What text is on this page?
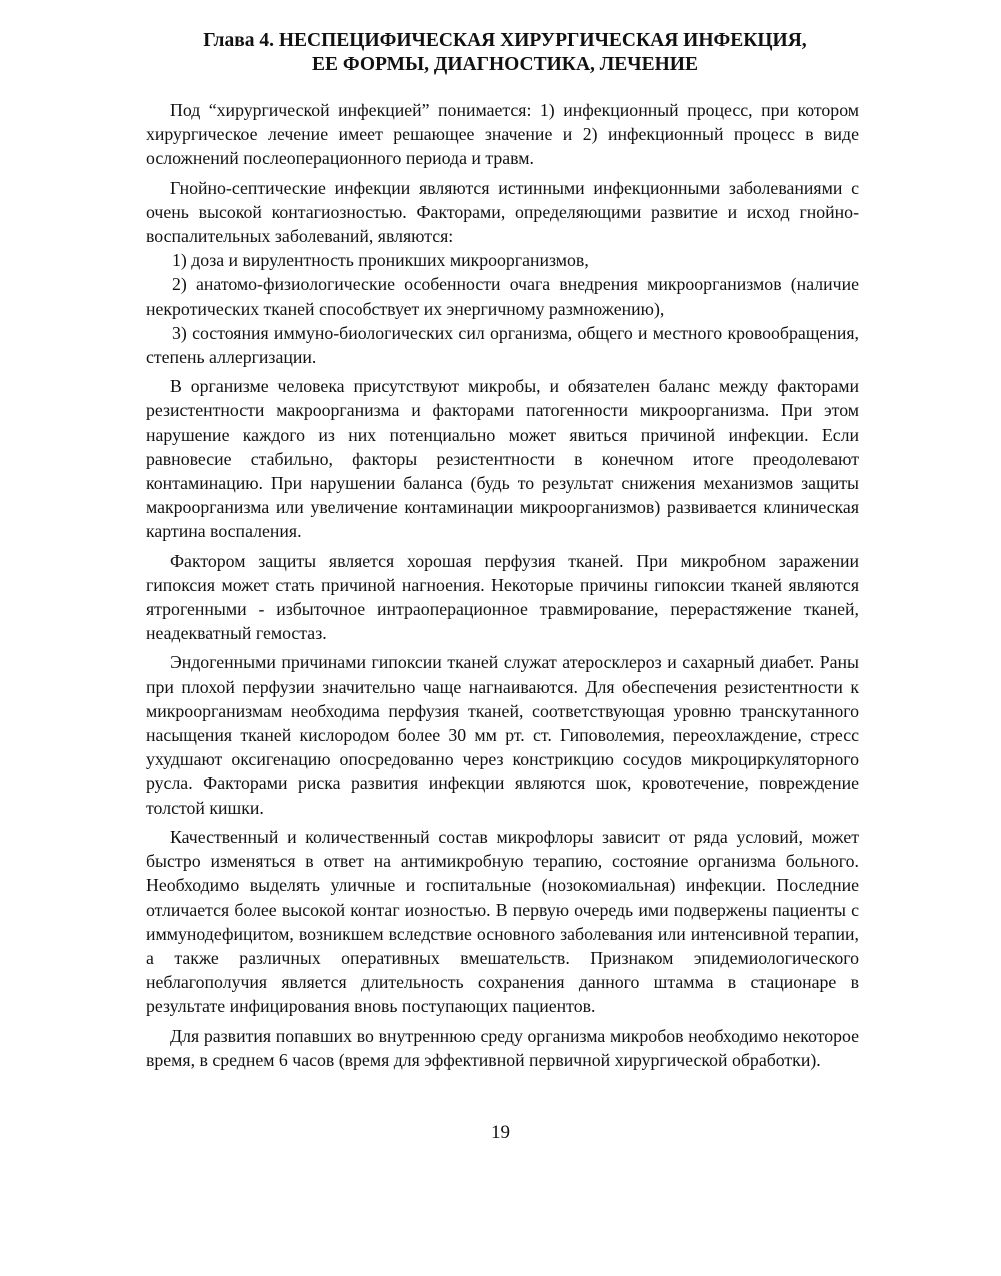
Глава 4. НЕСПЕЦИФИЧЕСКАЯ ХИРУРГИЧЕСКАЯ ИНФЕКЦИЯ,
ЕЕ ФОРМЫ, ДИАГНОСТИКА, ЛЕЧЕНИЕ

Под “хирургической инфекцией” понимается: 1) инфекционный процесс, при котором хирургическое лечение имеет решающее значение и 2) инфекционный процесс в виде осложнений послеоперационного периода и травм.

Гнойно-септические инфекции являются истинными инфекционными заболеваниями с очень высокой контагиозностью. Факторами, определяющими развитие и исход гнойно-воспалительных заболеваний, являются:

1) доза и вирулентность проникших микроорганизмов,

2) анатомо-физиологические особенности очага внедрения микроорганизмов (наличие некротических тканей способствует их энергичному размножению),

3) состояния иммуно-биологических сил организма, общего и местного кровообращения, степень аллергизации.

В организме человека присутствуют микробы, и обязателен баланс между факторами резистентности макроорганизма и факторами патогенности микроорганизма. При этом нарушение каждого из них потенциально может явиться причиной инфекции. Если равновесие стабильно, факторы резистентности в конечном итоге преодолевают контаминацию. При нарушении баланса (будь то результат снижения механизмов защиты макроорганизма или увеличение контаминации микроорганизмов) развивается клиническая картина воспаления.

Фактором защиты является хорошая перфузия тканей. При микробном заражении гипоксия может стать причиной нагноения. Некоторые причины гипоксии тканей являются ятрогенными - избыточное интраоперационное травмирование, перерастяжение тканей, неадекватный гемостаз.

Эндогенными причинами гипоксии тканей служат атеросклероз и сахарный диабет. Раны при плохой перфузии значительно чаще нагнаиваются. Для обеспечения резистентности к микроорганизмам необходима перфузия тканей, соответствующая уровню транскутанного насыщения тканей кислородом более 30 мм рт. ст. Гиповолемия, переохлаждение, стресс ухудшают оксигенацию опосредованно через констрикцию сосудов микроциркуляторного русла. Факторами риска развития инфекции являются шок, кровотечение, повреждение толстой кишки.

Качественный и количественный состав микрофлоры зависит от ряда условий, может быстро изменяться в ответ на антимикробную терапию, состояние организма больного. Необходимо выделять уличные и госпитальные (нозокомиальная) инфекции. Последние отличается более высокой контаг иозностью. В первую очередь ими подвержены пациенты с иммунодефицитом, возникшем вследствие основного заболевания или интенсивной терапии, а также различных оперативных вмешательств. Признаком эпидемиологического неблагополучия является длительность сохранения данного штамма в стационаре в результате инфицирования вновь поступающих пациентов.

Для развития попавших во внутреннюю среду организма микробов необходимо некоторое время, в среднем 6 часов (время для эффективной первичной хирургической обработки).

19
